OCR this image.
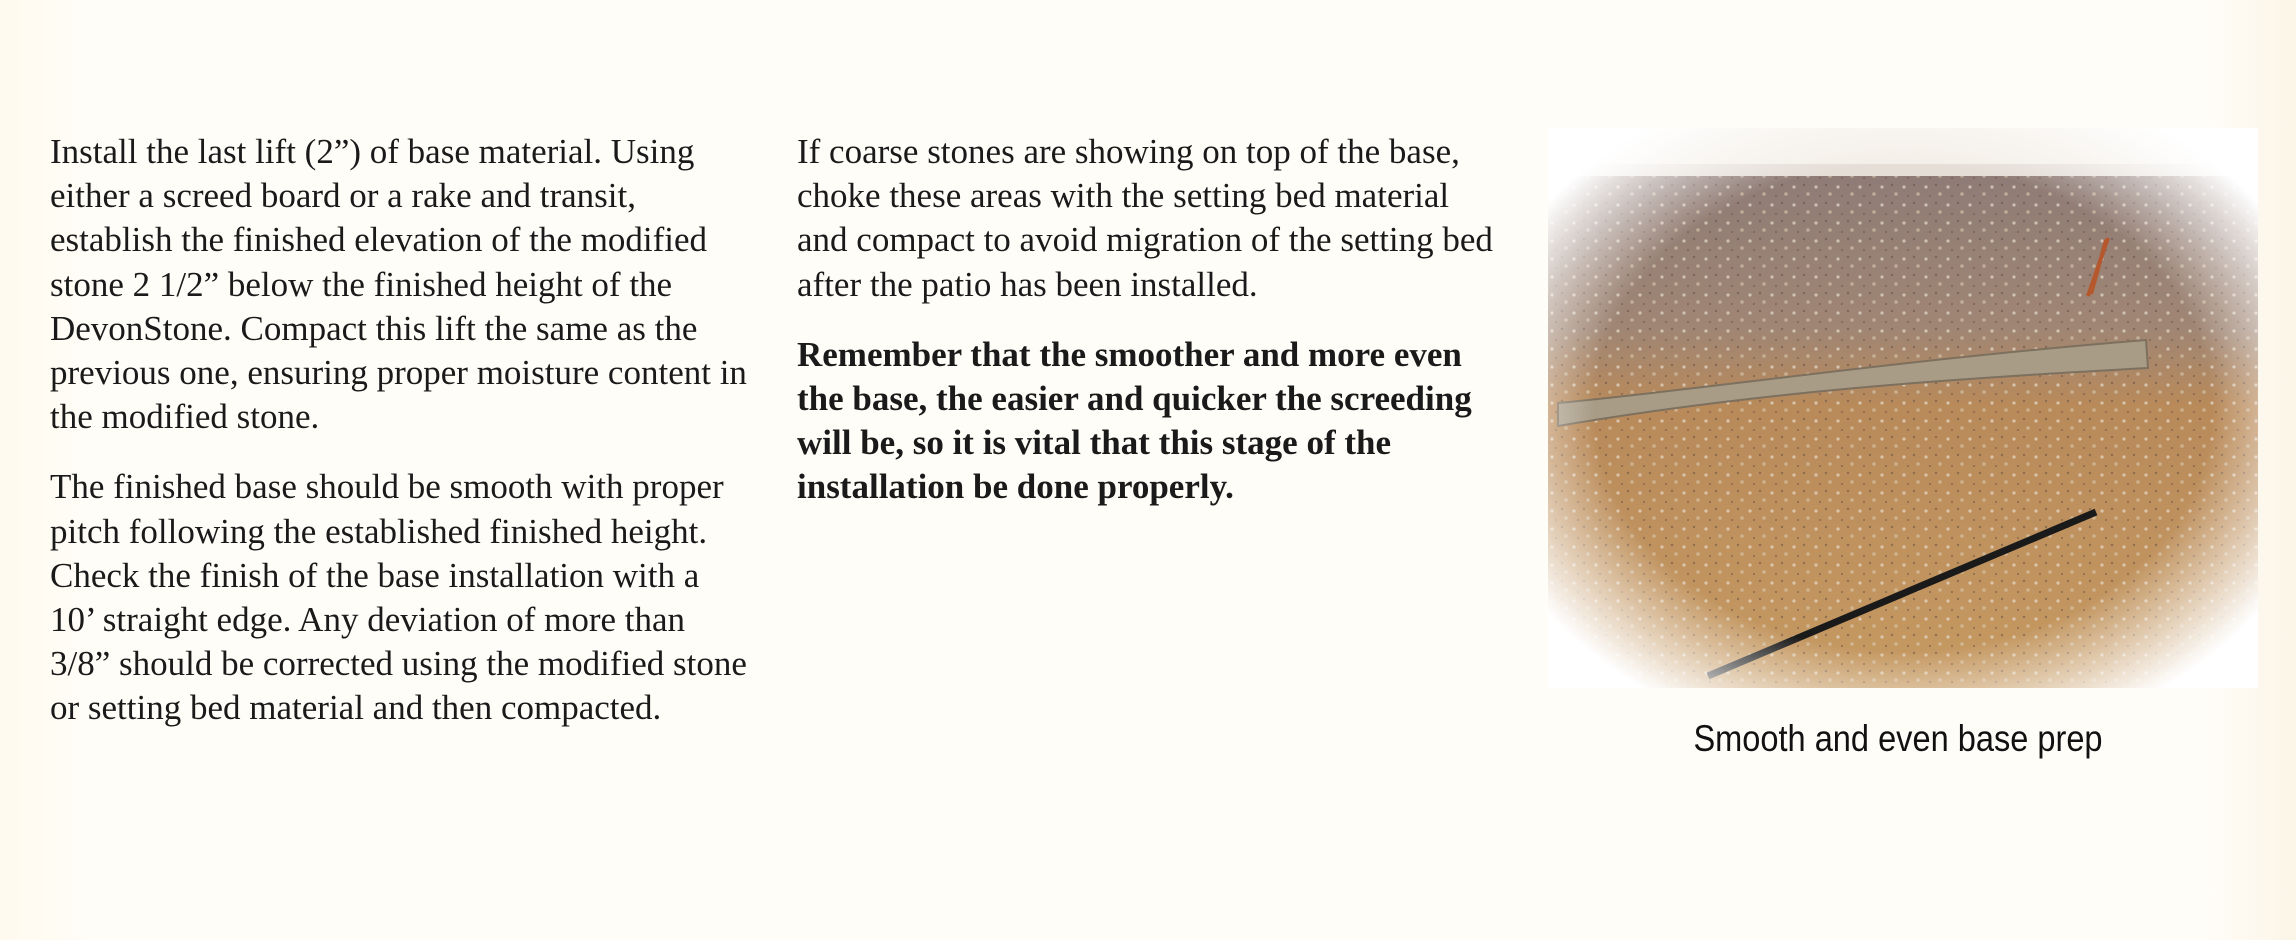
Install the last lift (2”) of base material. Using either a screed board or a rake and transit, establish the finished elevation of the modified stone 2 1/2” below the finished height of the DevonStone. Compact this lift the same as the previous one, ensuring proper moisture content in the modified stone.

The finished base should be smooth with proper pitch following the established finished height. Check the finish of the base installation with a 10’ straight edge. Any deviation of more than 3/8” should be corrected using the modified stone or setting bed material and then compacted.

If coarse stones are showing on top of the base, choke these areas with the setting bed material and compact to avoid migration of the setting bed after the patio has been installed.

Remember that the smoother and more even the base, the easier and quicker the screeding will be, so it is vital that this stage of the installation be done properly.

Smooth and even base prep
